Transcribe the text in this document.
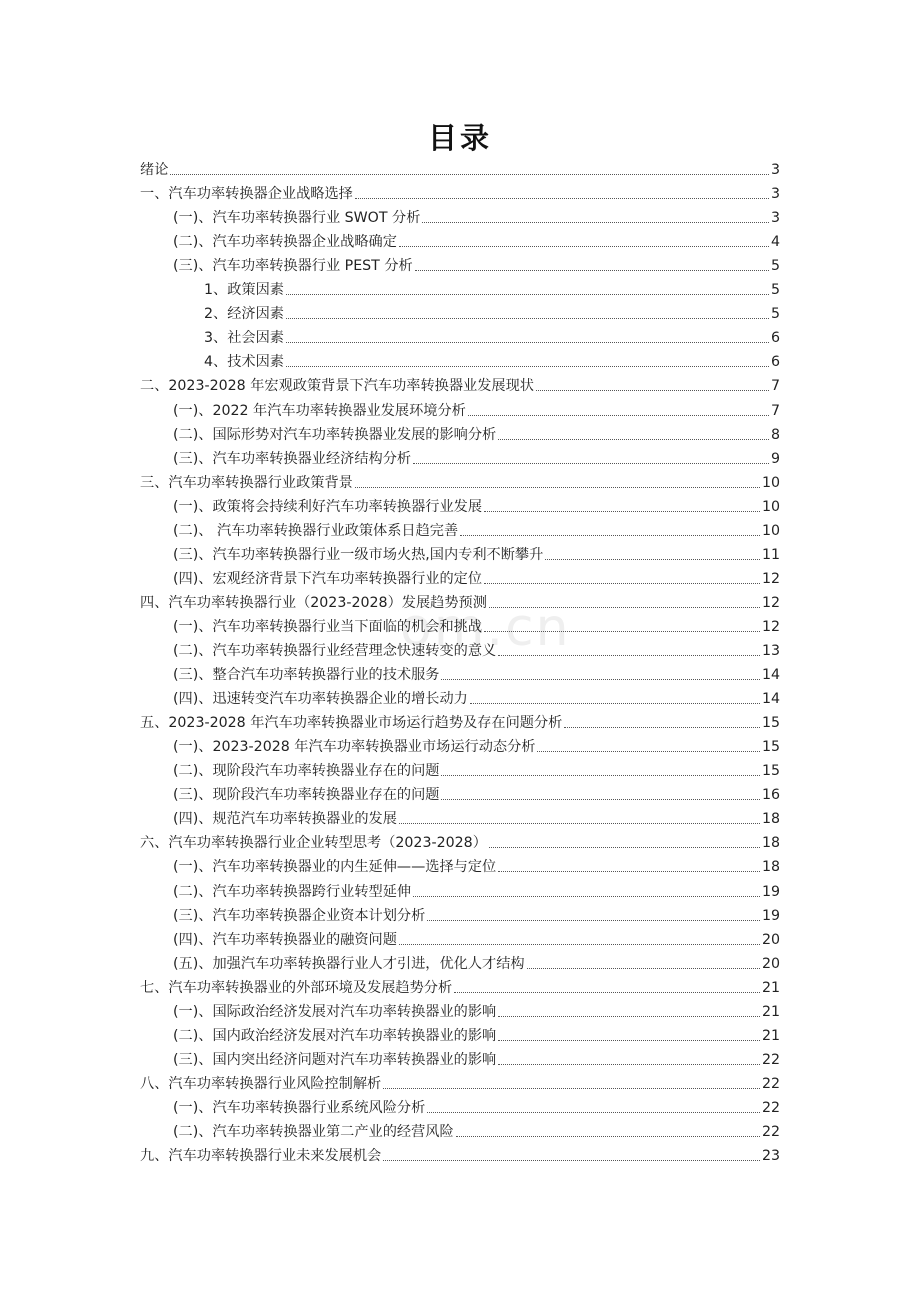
目录
om.cn
绪论	3
一、汽车功率转换器企业战略选择	3
(一)、汽车功率转换器行业 SWOT 分析	3
(二)、汽车功率转换器企业战略确定	4
(三)、汽车功率转换器行业 PEST 分析	5
1、政策因素	5
2、经济因素	5
3、社会因素	6
4、技术因素	6
二、2023-2028 年宏观政策背景下汽车功率转换器业发展现状	7
(一)、2022 年汽车功率转换器业发展环境分析	7
(二)、国际形势对汽车功率转换器业发展的影响分析	8
(三)、汽车功率转换器业经济结构分析	9
三、汽车功率转换器行业政策背景	10
(一)、政策将会持续利好汽车功率转换器行业发展	10
(二)、 汽车功率转换器行业政策体系日趋完善	10
(三)、汽车功率转换器行业一级市场火热,国内专利不断攀升	11
(四)、宏观经济背景下汽车功率转换器行业的定位	12
四、汽车功率转换器行业（2023-2028）发展趋势预测	12
(一)、汽车功率转换器行业当下面临的机会和挑战	12
(二)、汽车功率转换器行业经营理念快速转变的意义	13
(三)、整合汽车功率转换器行业的技术服务	14
(四)、迅速转变汽车功率转换器企业的增长动力	14
五、2023-2028 年汽车功率转换器业市场运行趋势及存在问题分析	15
(一)、2023-2028 年汽车功率转换器业市场运行动态分析	15
(二)、现阶段汽车功率转换器业存在的问题	15
(三)、现阶段汽车功率转换器业存在的问题	16
(四)、规范汽车功率转换器业的发展	18
六、汽车功率转换器行业企业转型思考（2023-2028）	18
(一)、汽车功率转换器业的内生延伸——选择与定位	18
(二)、汽车功率转换器跨行业转型延伸	19
(三)、汽车功率转换器企业资本计划分析	19
(四)、汽车功率转换器业的融资问题	20
(五)、加强汽车功率转换器行业人才引进，优化人才结构	20
七、汽车功率转换器业的外部环境及发展趋势分析	21
(一)、国际政治经济发展对汽车功率转换器业的影响	21
(二)、国内政治经济发展对汽车功率转换器业的影响	21
(三)、国内突出经济问题对汽车功率转换器业的影响	22
八、汽车功率转换器行业风险控制解析	22
(一)、汽车功率转换器行业系统风险分析	22
(二)、汽车功率转换器业第二产业的经营风险	22
九、汽车功率转换器行业未来发展机会	23
